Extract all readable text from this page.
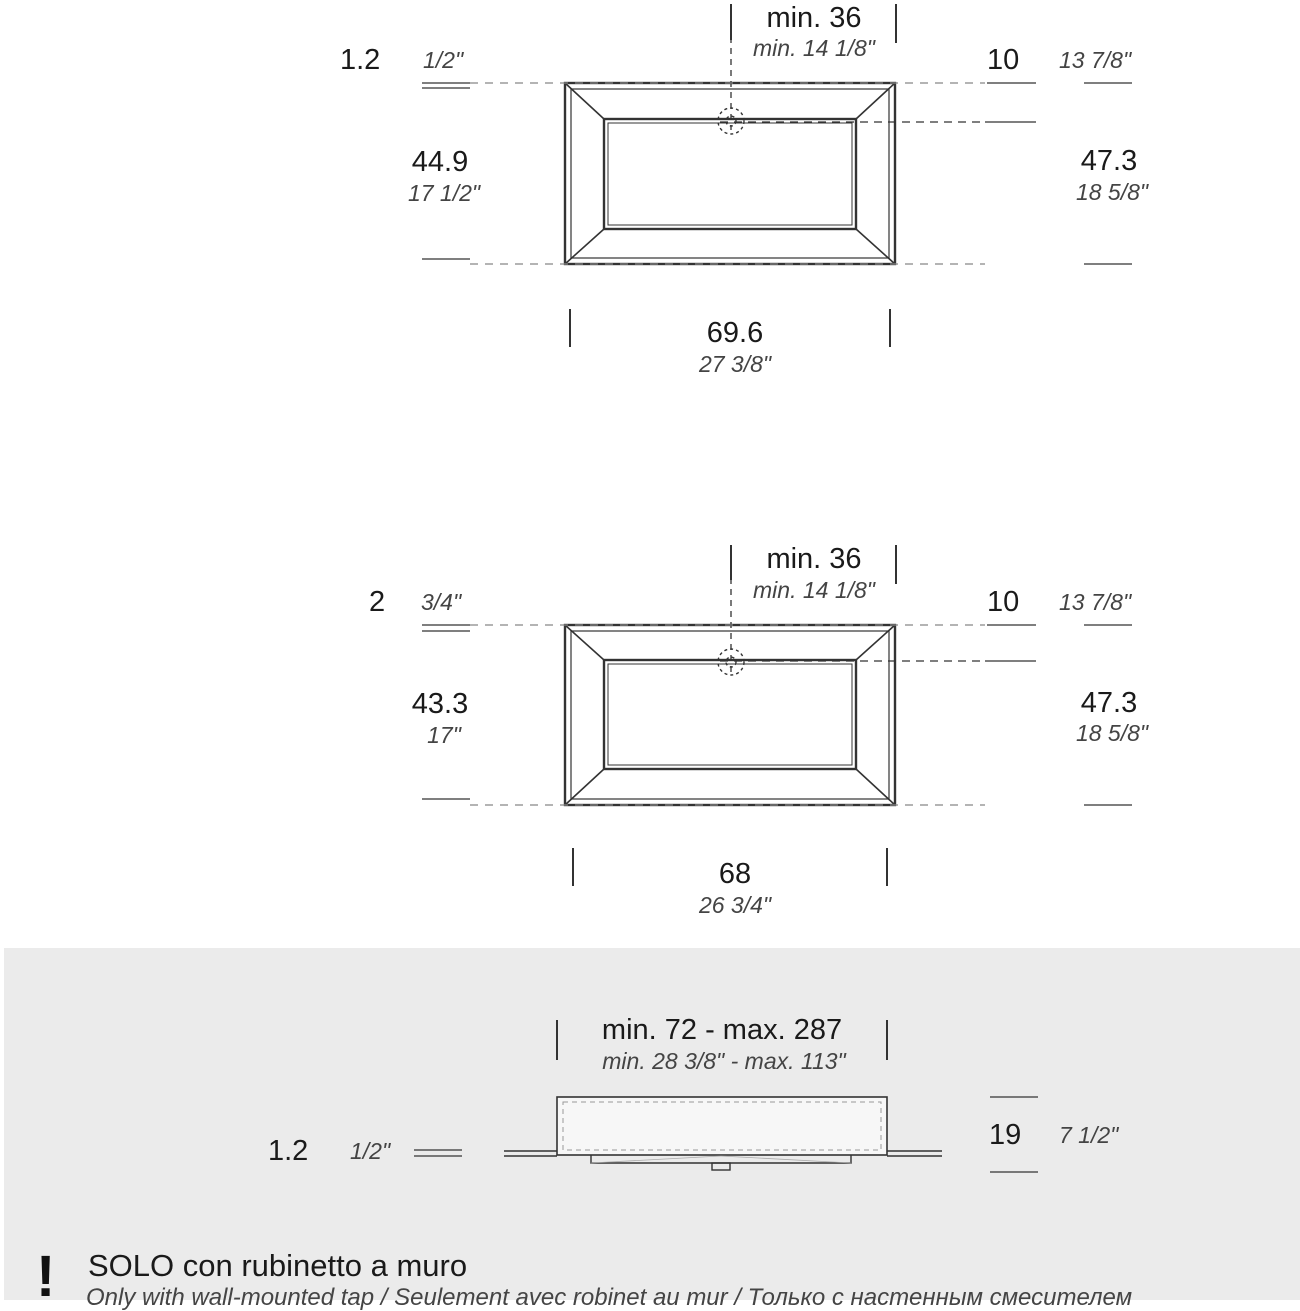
min. 36
min. 14 1/8"
1.2 1/2"	10 13 7/8"
44.9
17 1/2"
47.3
18 5/8"
69.6
27 3/8"
min. 36
min. 14 1/8"
2 3/4"	10 13 7/8"
43.3
17"
47.3
18 5/8"
68
26 3/4"
min. 72 - max. 287
min. 28 3/8" - max. 113"
1.2 1/2"	19 7 1/2"
! SOLO con rubinetto a muro
Only with wall-mounted tap / Seulement avec robinet au mur / Только с настенным смесителем
